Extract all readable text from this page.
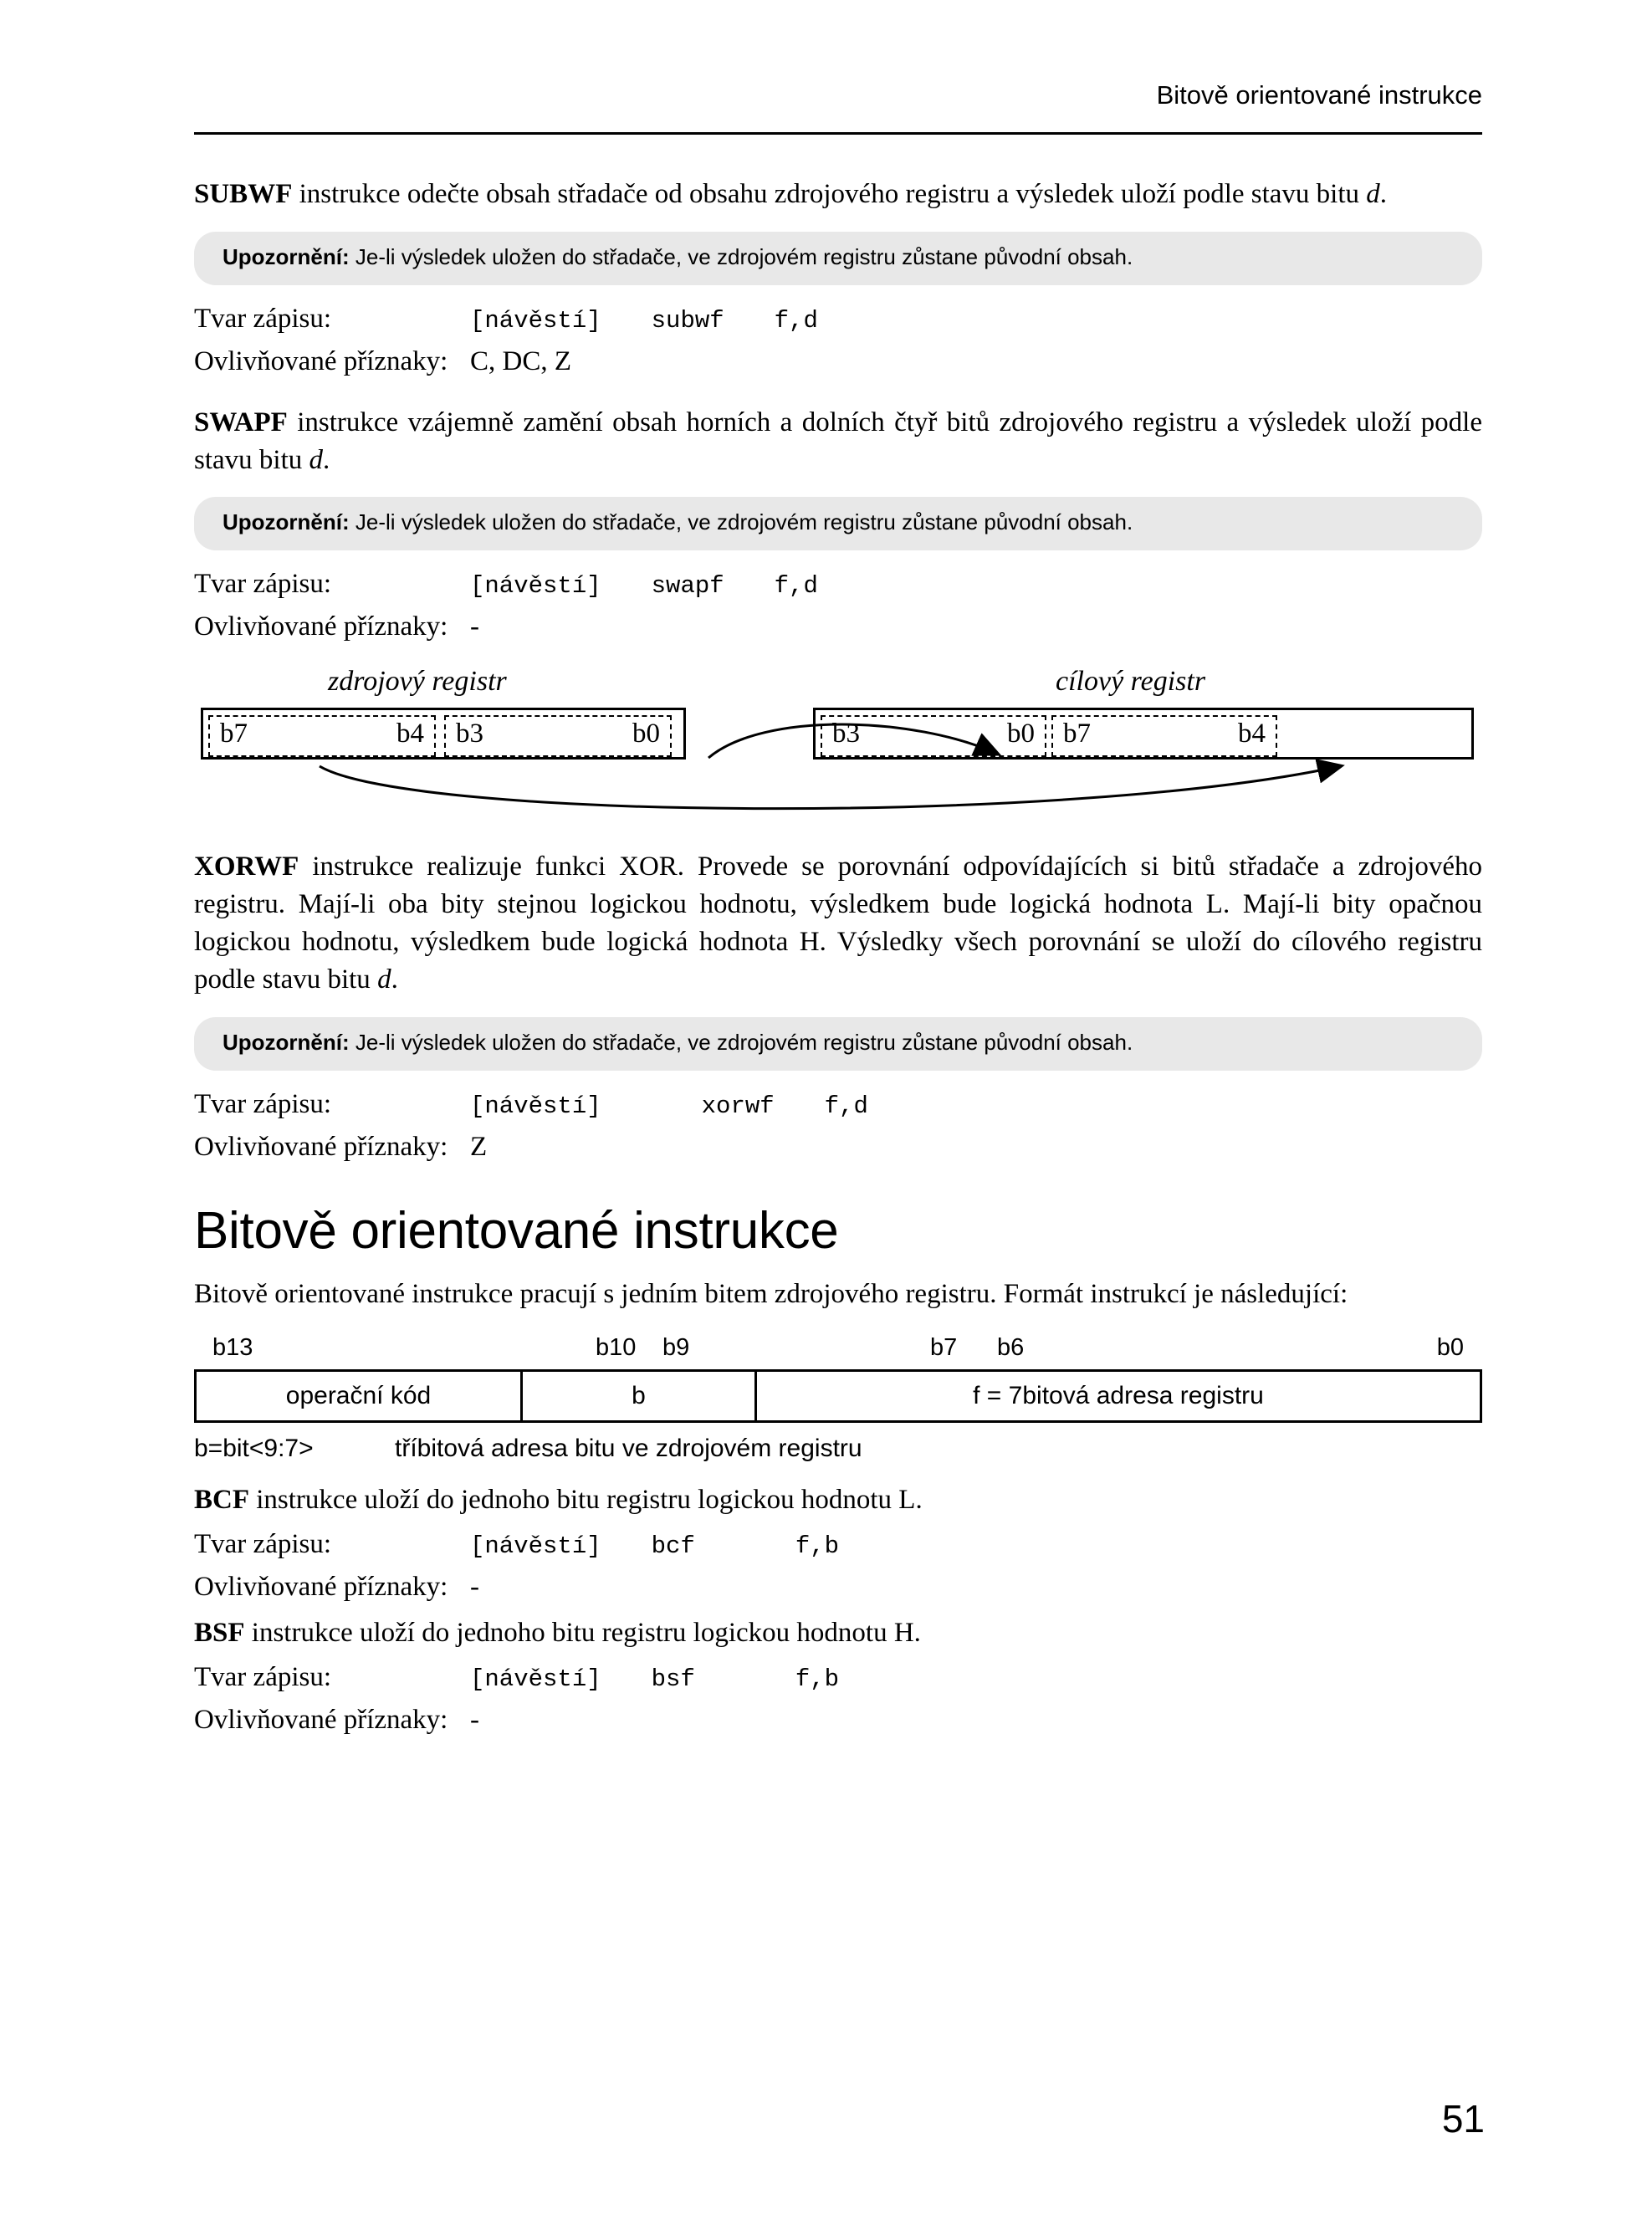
Bitově orientované instrukce

SUBWF instrukce odečte obsah střadače od obsahu zdrojového registru a výsledek uloží podle stavu bitu d.

Upozornění: Je-li výsledek uložen do střadače, ve zdrojovém registru zůstane původní obsah.
Tvar zápisu:	[návěstí] subwf f,d
Ovlivňované příznaky: C, DC, Z

SWAPF instrukce vzájemně zamění obsah horních a dolních čtyř bitů zdrojového registru a výsledek uloží podle stavu bitu d.

Upozornění: Je-li výsledek uložen do střadače, ve zdrojovém registru zůstane původní obsah.
Tvar zápisu:	[návěstí] swapf f,d
Ovlivňované příznaky: -
zdrojový registr	cílový registr
b7	b4 b3	b0	b3	b0 b7	b4

XORWF instrukce realizuje funkci XOR. Provede se porovnání odpovídajících si bitů střadače a zdrojového registru. Mají-li oba bity stejnou logickou hodnotu, výsledkem bude logická hodnota L. Mají-li bity opačnou logickou hodnotu, výsledkem bude logická hodnota H. Výsledky všech porovnání se uloží do cílového registru podle stavu bitu d.

Upozornění: Je-li výsledek uložen do střadače, ve zdrojovém registru zůstane původní obsah.
Tvar zápisu:	[návěstí]	xorwf f,d
Ovlivňované příznaky: Z
Bitově orientované instrukce

Bitově orientované instrukce pracují s jedním bitem zdrojového registru. Formát instrukcí je následující:

b13	b10 b9	b7 b6	b0
operační kód	b	f = 7bitová adresa registru
b=bit<9:7>	tříbitová adresa bitu ve zdrojovém registru

BCF instrukce uloží do jednoho bitu registru logickou hodnotu L.

Tvar zápisu:	[návěstí] bcf	f,b
Ovlivňované příznaky: -

BSF instrukce uloží do jednoho bitu registru logickou hodnotu H.

Tvar zápisu:	[návěstí] bsf	f,b
Ovlivňované příznaky: -
51
